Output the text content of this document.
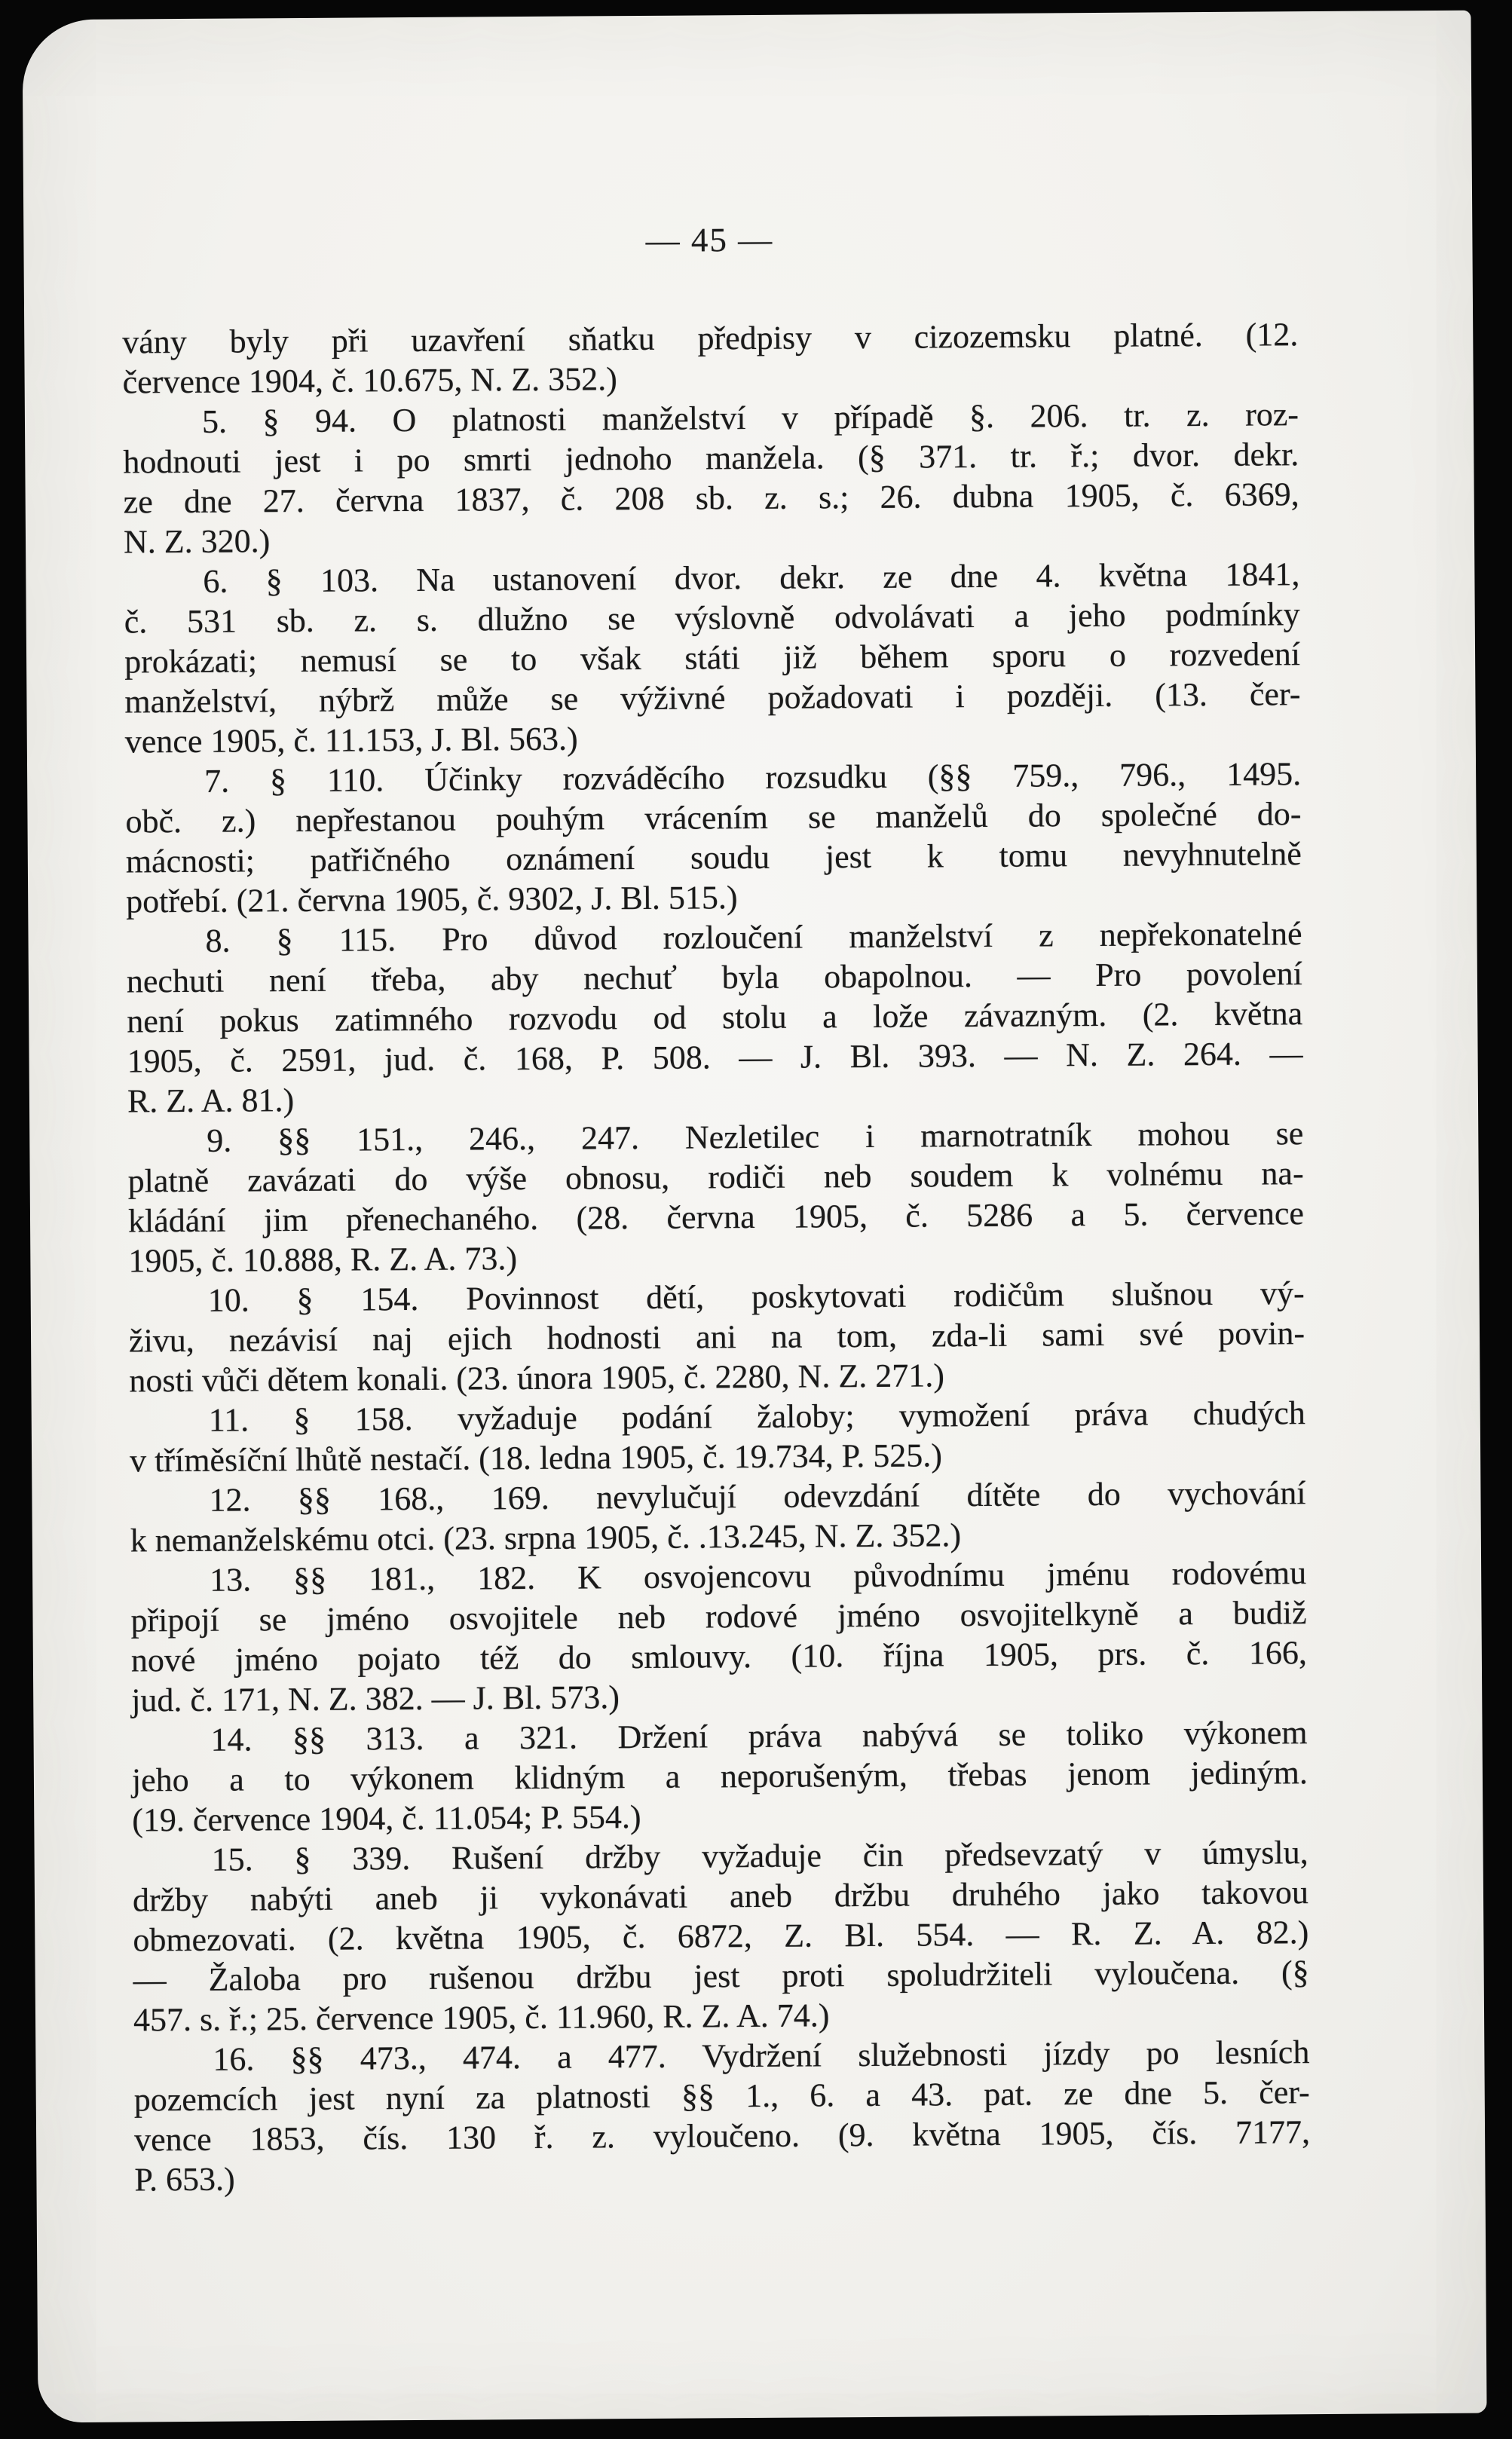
— 45 —
vány byly při uzavření sňatku předpisy v cizozemsku platné. (12.
července 1904, č. 10.675, N. Z. 352.)
5. § 94. O platnosti manželství v případě §. 206. tr. z. roz-
hodnouti jest i po smrti jednoho manžela. (§ 371. tr. ř.; dvor. dekr.
ze dne 27. června 1837, č. 208 sb. z. s.; 26. dubna 1905, č. 6369,
N. Z. 320.)
6. § 103. Na ustanovení dvor. dekr. ze dne 4. května 1841,
č. 531 sb. z. s. dlužno se výslovně odvolávati a jeho podmínky
prokázati; nemusí se to však státi již během sporu o rozvedení
manželství, nýbrž může se výživné požadovati i později. (13. čer-
vence 1905, č. 11.153, J. Bl. 563.)
7. § 110. Účinky rozváděcího rozsudku (§§ 759., 796., 1495.
obč. z.) nepřestanou pouhým vrácením se manželů do společné do-
mácnosti; patřičného oznámení soudu jest k tomu nevyhnutelně
potřebí. (21. června 1905, č. 9302, J. Bl. 515.)
8. § 115. Pro důvod rozloučení manželství z nepřekonatelné
nechuti není třeba, aby nechuť byla obapolnou. — Pro povolení
není pokus zatimného rozvodu od stolu a lože závazným. (2. května
1905, č. 2591, jud. č. 168, P. 508. — J. Bl. 393. — N. Z. 264. —
R. Z. A. 81.)
9. §§ 151., 246., 247. Nezletilec i marnotratník mohou se
platně zavázati do výše obnosu, rodiči neb soudem k volnému na-
kládání jim přenechaného. (28. června 1905, č. 5286 a 5. července
1905, č. 10.888, R. Z. A. 73.)
10. § 154. Povinnost dětí, poskytovati rodičům slušnou vý-
živu, nezávisí naj ejich hodnosti ani na tom, zda-li sami své povin-
nosti vůči dětem konali. (23. února 1905, č. 2280, N. Z. 271.)
11. § 158. vyžaduje podání žaloby; vymožení práva chudých
v tříměsíční lhůtě nestačí. (18. ledna 1905, č. 19.734, P. 525.)
12. §§ 168., 169. nevylučují odevzdání dítěte do vychování
k nemanželskému otci. (23. srpna 1905, č. .13.245, N. Z. 352.)
13. §§ 181., 182. K osvojencovu původnímu jménu rodovému
připojí se jméno osvojitele neb rodové jméno osvojitelkyně a budiž
nové jméno pojato též do smlouvy. (10. října 1905, prs. č. 166,
jud. č. 171, N. Z. 382. — J. Bl. 573.)
14. §§ 313. a 321. Držení práva nabývá se toliko výkonem
jeho a to výkonem klidným a neporušeným, třebas jenom jediným.
(19. července 1904, č. 11.054; P. 554.)
15. § 339. Rušení držby vyžaduje čin předsevzatý v úmyslu,
držby nabýti aneb ji vykonávati aneb držbu druhého jako takovou
obmezovati. (2. května 1905, č. 6872, Z. Bl. 554. — R. Z. A. 82.)
— Žaloba pro rušenou držbu jest proti spoludržiteli vyloučena. (§
457. s. ř.; 25. července 1905, č. 11.960, R. Z. A. 74.)
16. §§ 473., 474. a 477. Vydržení služebnosti jízdy po lesních
pozemcích jest nyní za platnosti §§ 1., 6. a 43. pat. ze dne 5. čer-
vence 1853, čís. 130 ř. z. vyloučeno. (9. května 1905, čís. 7177,
P. 653.)
